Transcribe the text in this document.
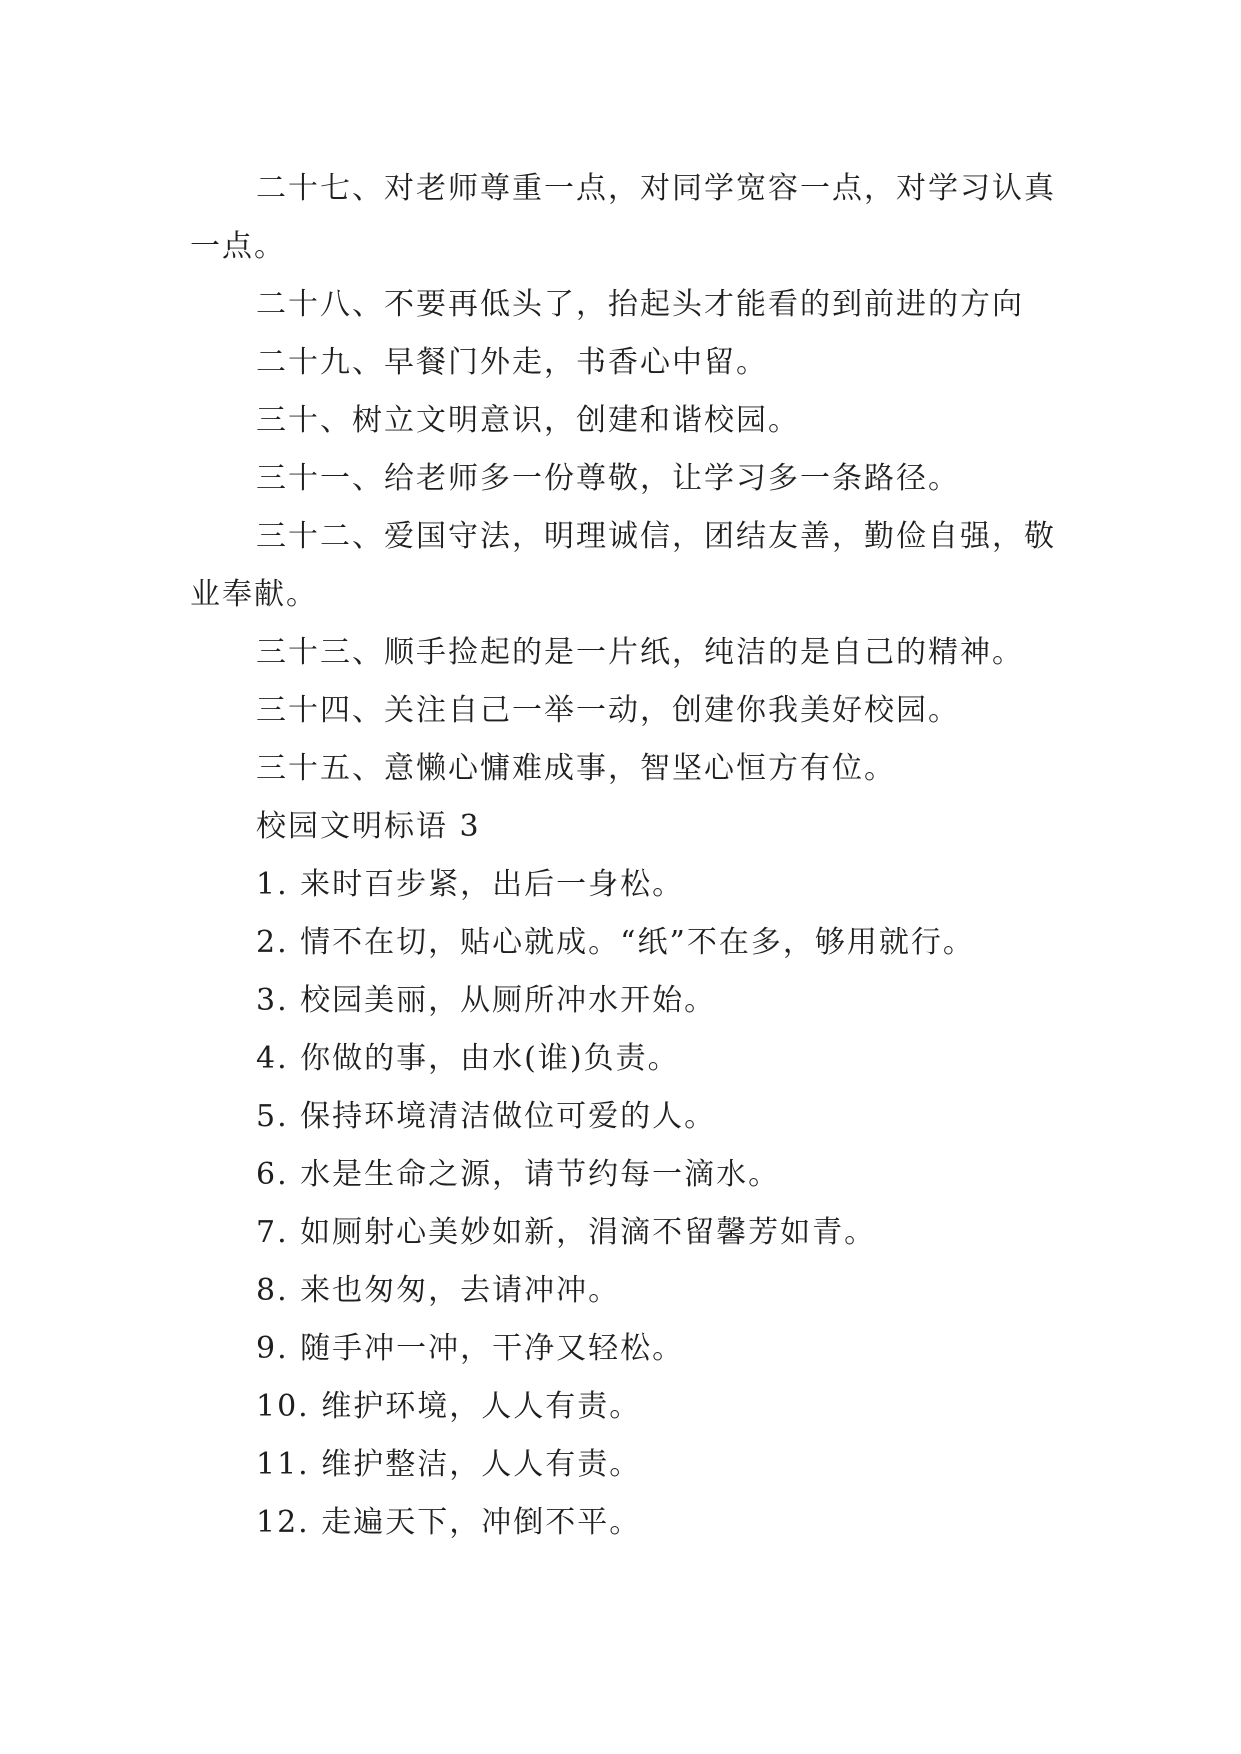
二十七、对老师尊重一点，对同学宽容一点，对学习认真一点。

二十八、不要再低头了，抬起头才能看的到前进的方向

二十九、早餐门外走，书香心中留。

三十、树立文明意识，创建和谐校园。

三十一、给老师多一份尊敬，让学习多一条路径。

三十二、爱国守法，明理诚信，团结友善，勤俭自强，敬业奉献。

三十三、顺手捡起的是一片纸，纯洁的是自己的精神。

三十四、关注自己一举一动，创建你我美好校园。

三十五、意懒心慵难成事，智坚心恒方有位。

校园文明标语 3

1. 来时百步紧，出后一身松。

2. 情不在切，贴心就成。“纸”不在多，够用就行。

3. 校园美丽，从厕所冲水开始。

4. 你做的事，由水(谁)负责。

5. 保持环境清洁做位可爱的人。

6. 水是生命之源，请节约每一滴水。

7. 如厕射心美妙如新，涓滴不留馨芳如青。

8. 来也匆匆，去请冲冲。

9. 随手冲一冲，干净又轻松。

10. 维护环境，人人有责。

11. 维护整洁，人人有责。

12. 走遍天下，冲倒不平。
